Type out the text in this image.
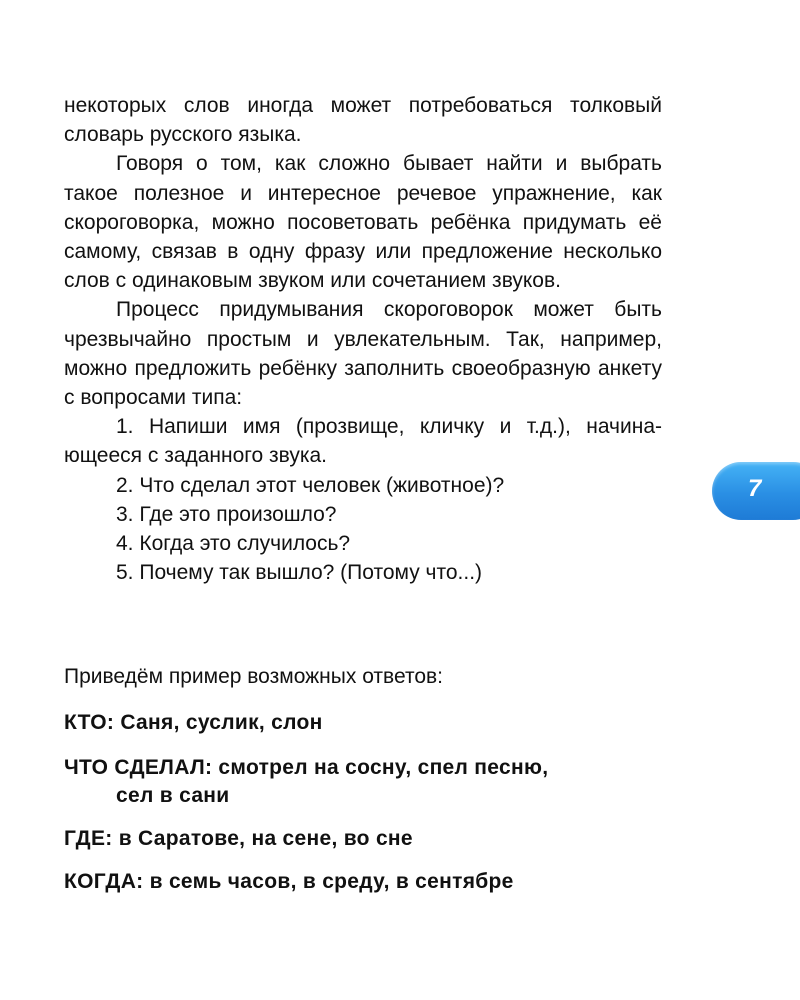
некоторых слов иногда может потребоваться толковый словарь русского языка.

Говоря о том, как сложно бывает найти и выбрать такое полезное и интересное речевое упражнение, как скороговорка, можно посоветовать ребёнка придумать её самому, связав в одну фразу или предложение несколько слов с одинаковым звуком или сочетанием звуков.

Процесс придумывания скороговорок может быть чрезвычайно простым и увлекательным. Так, например, можно предложить ребёнку заполнить своеобразную анкету с вопросами типа:

1. Напиши имя (прозвище, кличку и т.д.), начина-ющееся с заданного звука.

2. Что сделал этот человек (животное)?

3. Где это произошло?

4. Когда это случилось?

5. Почему так вышло? (Потому что...)

Приведём пример возможных ответов:

КТО: Саня, суслик, слон

ЧТО СДЕЛАЛ: смотрел на сосну, спел песню,
сел в сани

ГДЕ: в Саратове, на сене, во сне

КОГДА: в семь часов, в среду, в сентябре

7
